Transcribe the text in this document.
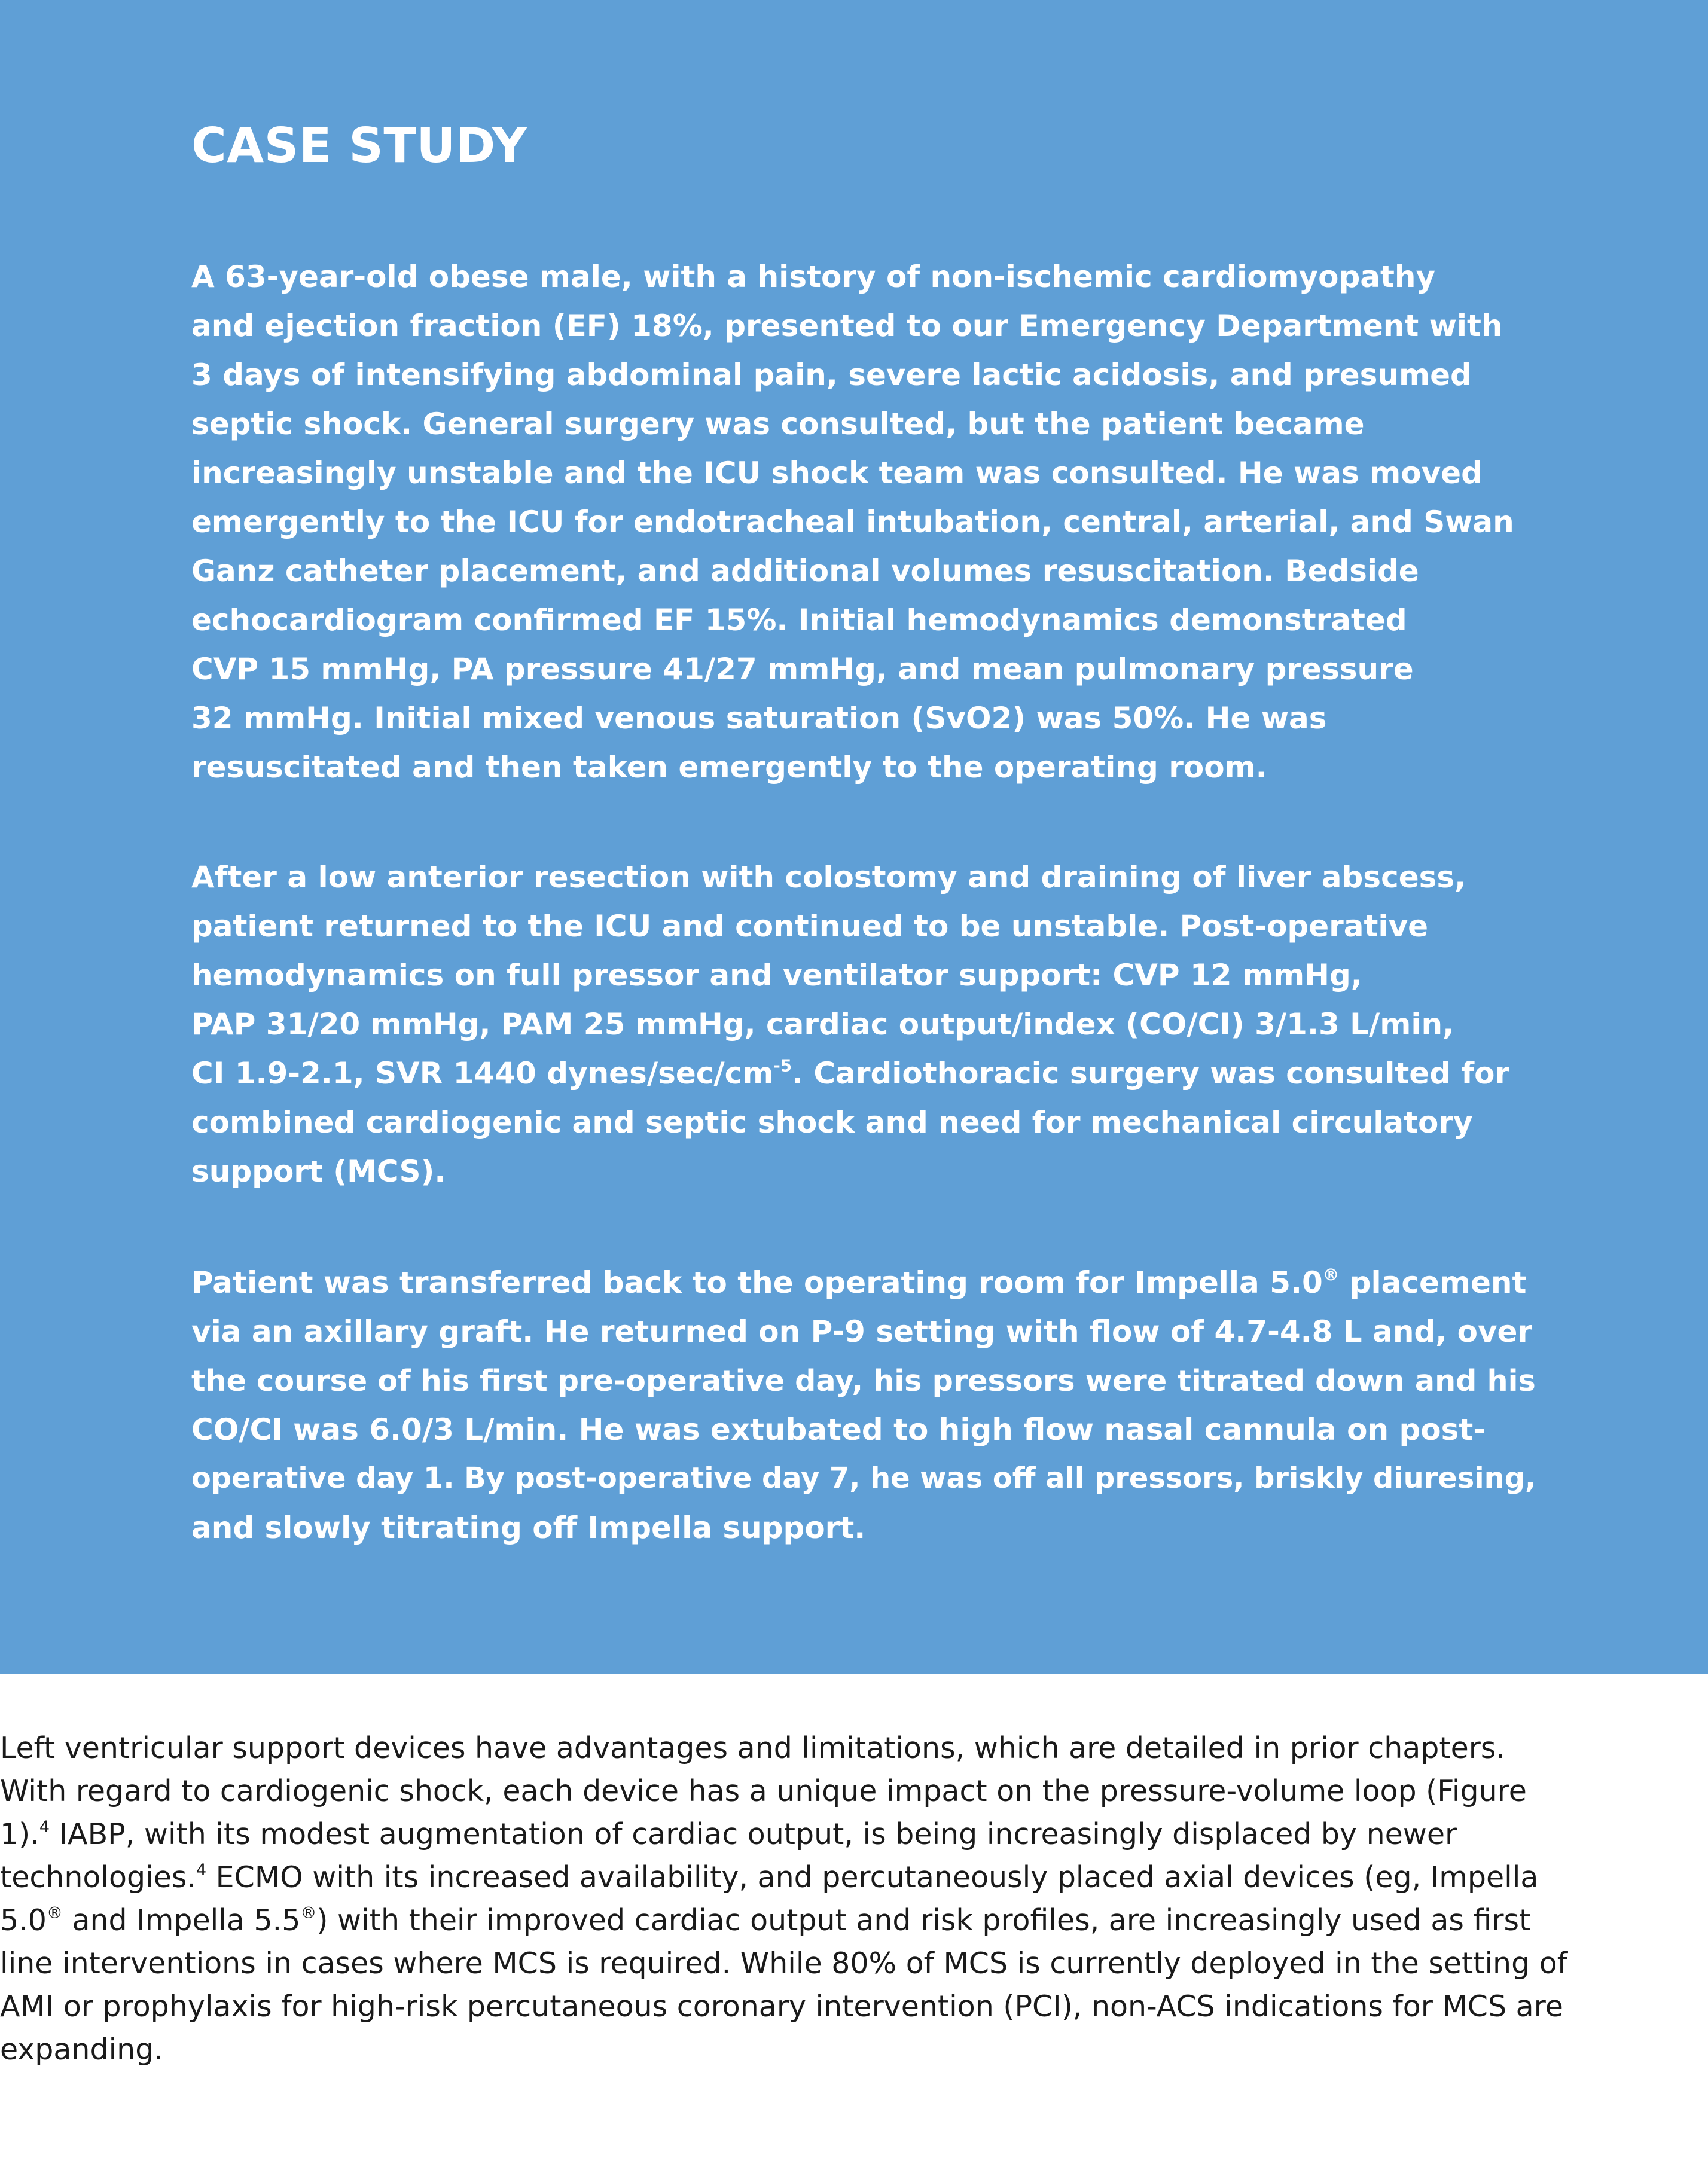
CASE STUDY

A 63-year-old obese male, with a history of non-ischemic cardiomyopathy
and ejection fraction (EF) 18%, presented to our Emergency Department with
3 days of intensifying abdominal pain, severe lactic acidosis, and presumed
septic shock. General surgery was consulted, but the patient became
increasingly unstable and the ICU shock team was consulted. He was moved
emergently to the ICU for endotracheal intubation, central, arterial, and Swan
Ganz catheter placement, and additional volumes resuscitation. Bedside
echocardiogram confirmed EF 15%. Initial hemodynamics demonstrated
CVP 15 mmHg, PA pressure 41/27 mmHg, and mean pulmonary pressure
32 mmHg. Initial mixed venous saturation (SvO2) was 50%. He was
resuscitated and then taken emergently to the operating room.

After a low anterior resection with colostomy and draining of liver abscess,
patient returned to the ICU and continued to be unstable. Post-operative
hemodynamics on full pressor and ventilator support: CVP 12 mmHg,
PAP 31/20 mmHg, PAM 25 mmHg, cardiac output/index (CO/CI) 3/1.3 L/min,
CI 1.9-2.1, SVR 1440 dynes/$\sec/cm^{-5}$. Cardiothoracic surgery was consulted for
combined cardiogenic and septic shock and need for mechanical circulatory
support (MCS).

Patient was transferred back to the operating room for Impella 5.0® placement
via an axillary graft. He returned on P-9 setting with flow of 4.7-4.8 L and, over
the course of his first pre-operative day, his pressors were titrated down and his
CO/CI was 6.0/3 L/min. He was extubated to high flow nasal cannula on post-
operative day 1. By post-operative day 7, he was off all pressors, briskly diuresing,
and slowly titrating off Impella support.

Left ventricular support devices have advantages and limitations, which are detailed in prior chapters.
With regard to cardiogenic shock, each device has a unique impact on the pressure-volume loop (Figure
1).$^4$ IABP, with its modest augmentation of cardiac output, is being increasingly displaced by newer
technologies.$^4$ ECMO with its increased availability, and percutaneously placed axial devices (eg, Impella
5.0® and Impella 5.5®) with their improved cardiac output and risk profiles, are increasingly used as first
line interventions in cases where MCS is required. While 80% of MCS is currently deployed in the setting of
AMI or prophylaxis for high-risk percutaneous coronary intervention (PCI), non-ACS indications for MCS are
expanding.
